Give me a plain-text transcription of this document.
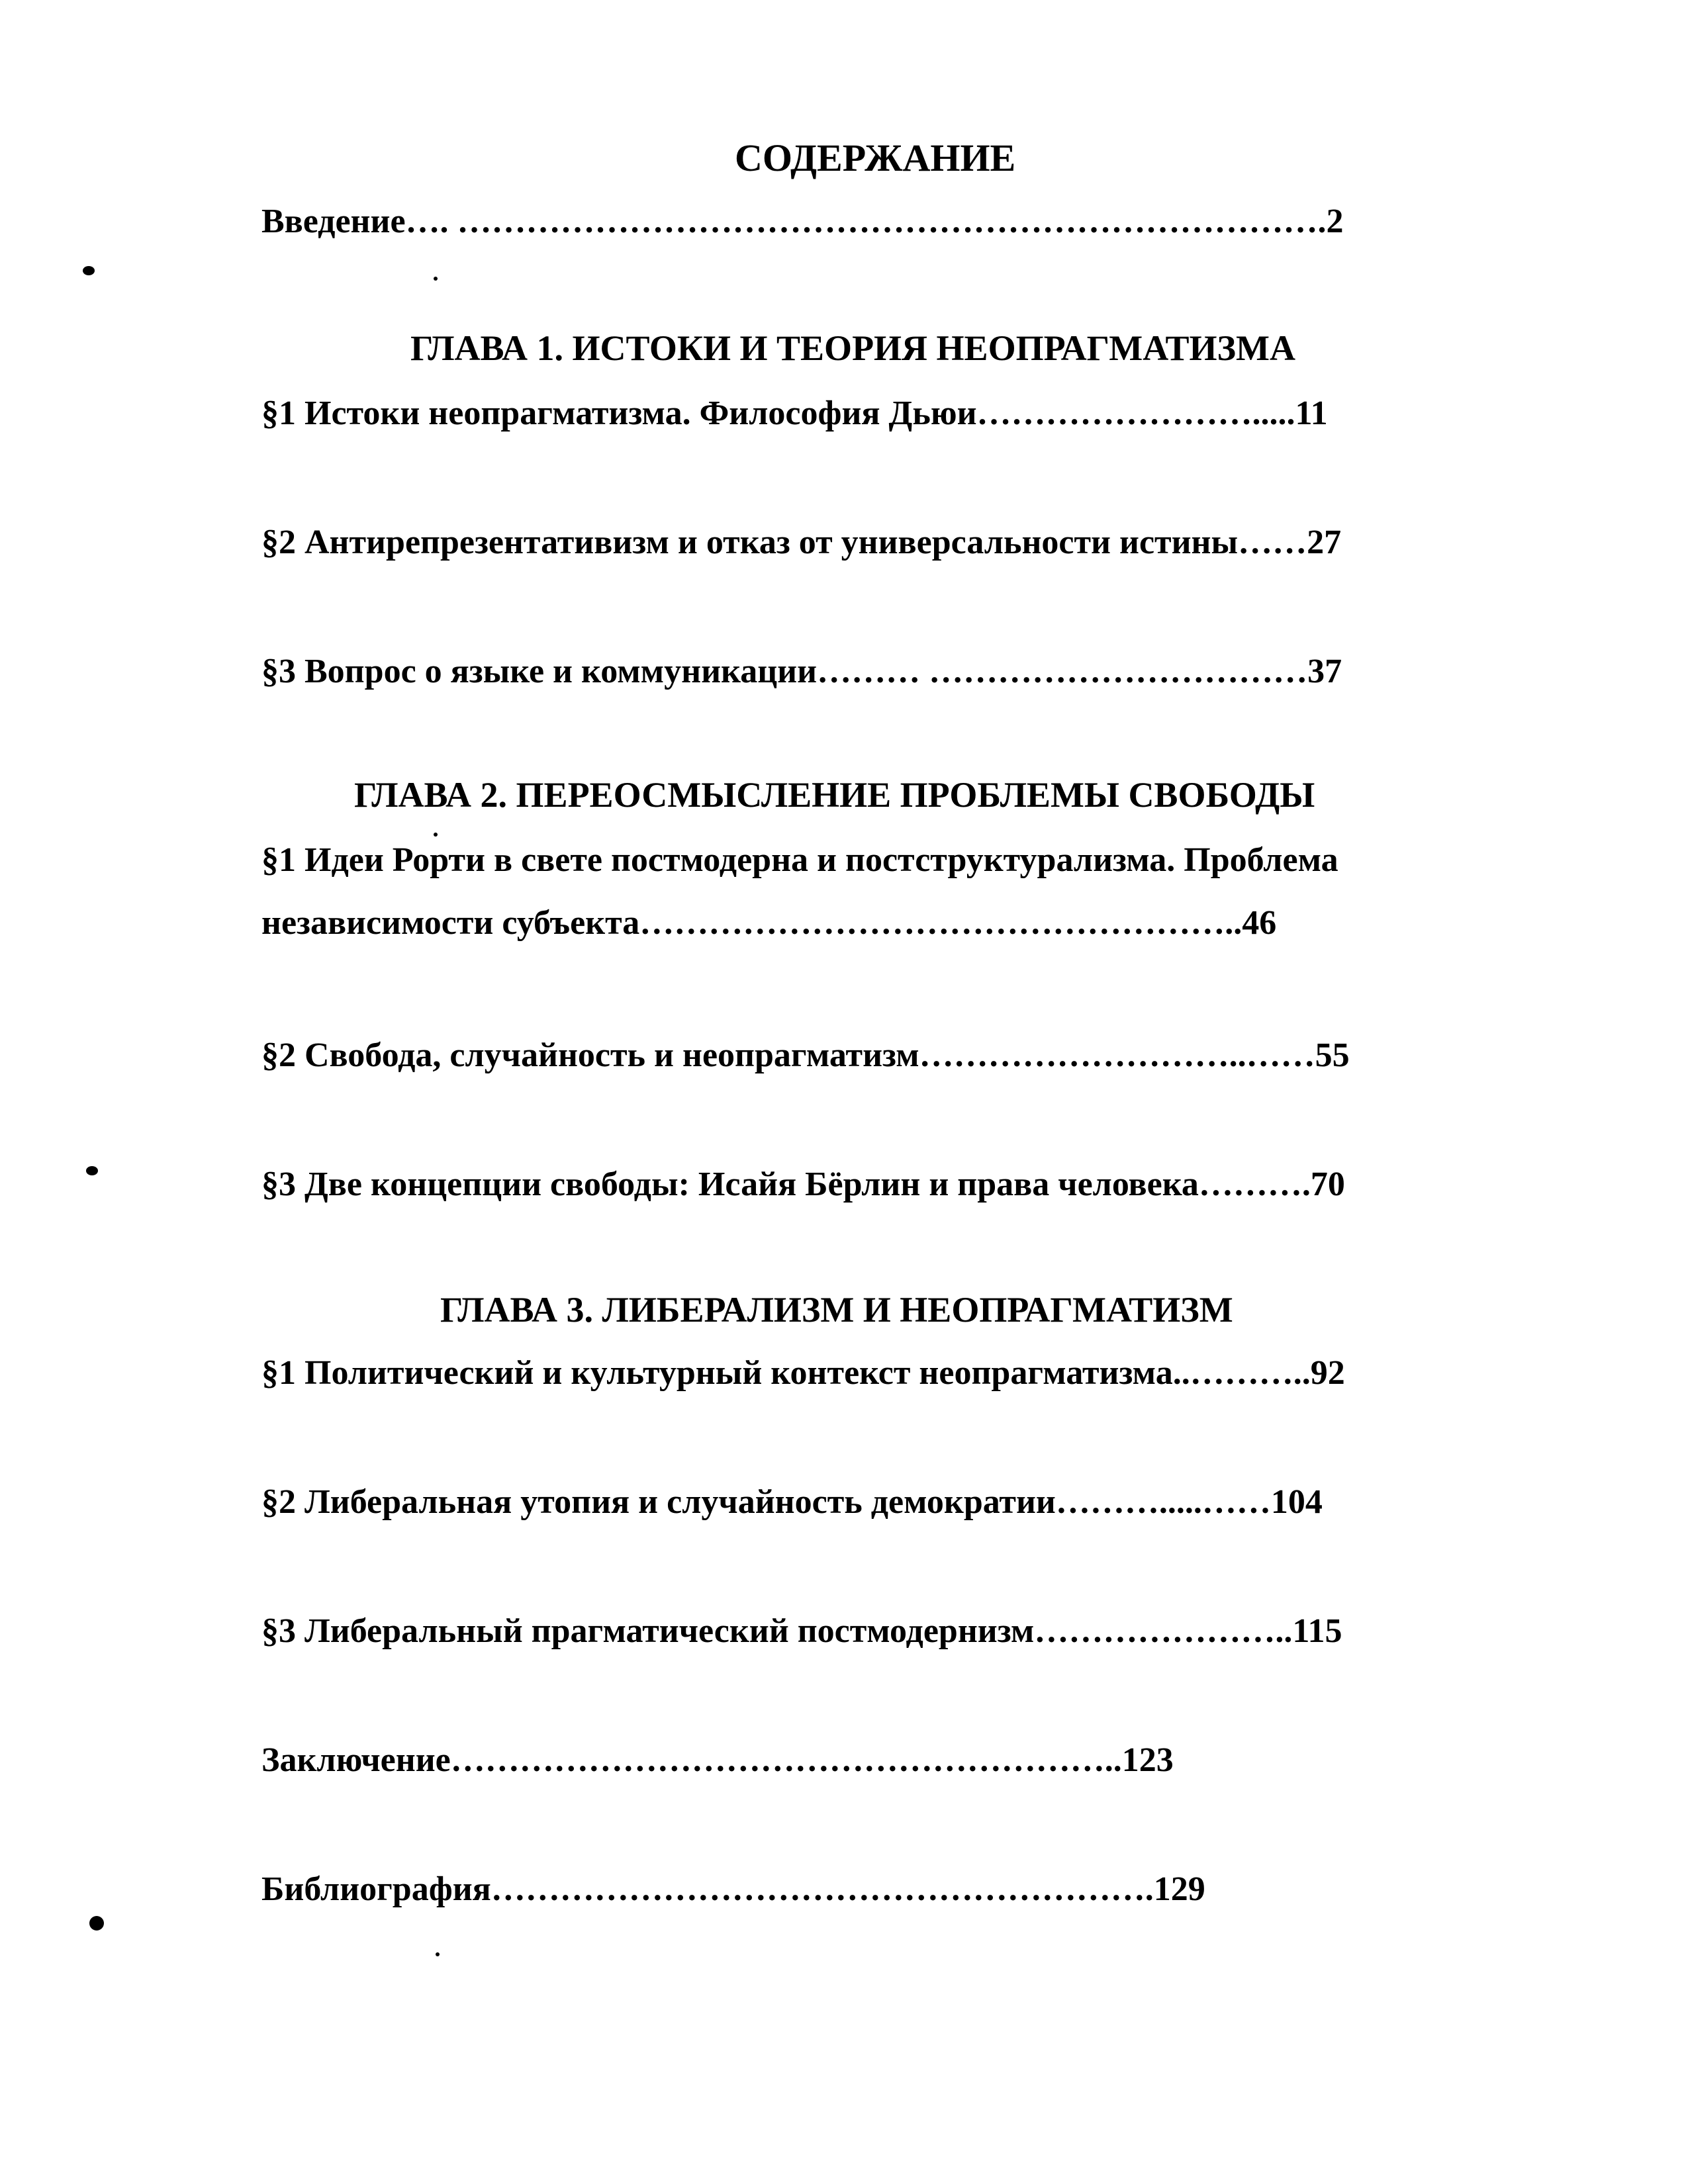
СОДЕРЖАНИЕ
Введение…. ………………………………………………………………….2
ГЛАВА 1. ИСТОКИ И ТЕОРИЯ НЕОПРАГМАТИЗМА
§1 Истоки неопрагматизма. Философия Дьюи…………………….....11
§2 Антирепрезентативизм и отказ от универсальности истины……27
§3 Вопрос о языке и коммуникации……… ……………………………37
ГЛАВА 2. ПЕРЕОСМЫСЛЕНИЕ ПРОБЛЕМЫ СВОБОДЫ
§1 Идеи Рорти в свете постмодерна и постструктурализма. Проблема
независимости субъекта……………………………………………..46
§2 Свобода, случайность и неопрагматизм………………………..……55
§3 Две концепции свободы: Исайя Бёрлин и права человека……….70
ГЛАВА 3. ЛИБЕРАЛИЗМ И НЕОПРАГМАТИЗМ
§1 Политический и культурный контекст неопрагматизма..………..92
§2 Либеральная утопия и случайность демократии……….....……104
§3 Либеральный прагматический постмодернизм…………………..115
Заключение…………………………………………………..123
Библиография………………………………………………….129
